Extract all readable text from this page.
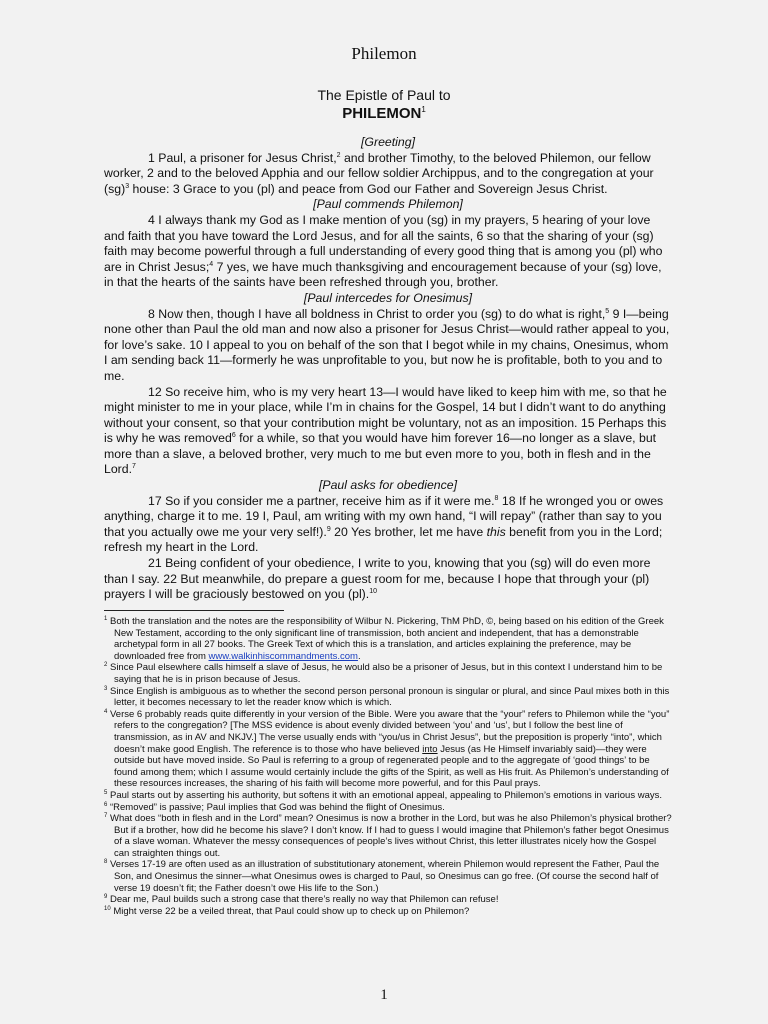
Philemon
The Epistle of Paul to
PHILEMON$^1$
[Greeting]

1 Paul, a prisoner for Jesus Christ,$^2$ and brother Timothy, to the beloved Philemon, our fellow worker, 2 and to the beloved Apphia and our fellow soldier Archippus, and to the congregation at your (sg)$^3$ house: 3 Grace to you (pl) and peace from God our Father and Sovereign Jesus Christ.

[Paul commends Philemon]

4 I always thank my God as I make mention of you (sg) in my prayers, 5 hearing of your love and faith that you have toward the Lord Jesus, and for all the saints, 6 so that the sharing of your (sg) faith may become powerful through a full understanding of every good thing that is among you (pl) who are in Christ Jesus;$^4$ 7 yes, we have much thanksgiving and encouragement because of your (sg) love, in that the hearts of the saints have been refreshed through you, brother.

[Paul intercedes for Onesimus]

8 Now then, though I have all boldness in Christ to order you (sg) to do what is right,$^5$ 9 I—being none other than Paul the old man and now also a prisoner for Jesus Christ—would rather appeal to you, for love’s sake. 10 I appeal to you on behalf of the son that I begot while in my chains, Onesimus, whom I am sending back 11—formerly he was unprofitable to you, but now he is profitable, both to you and to me.

12 So receive him, who is my very heart 13—I would have liked to keep him with me, so that he might minister to me in your place, while I’m in chains for the Gospel, 14 but I didn’t want to do anything without your consent, so that your contribution might be voluntary, not as an imposition. 15 Perhaps this is why he was removed$^6$ for a while, so that you would have him forever 16—no longer as a slave, but more than a slave, a beloved brother, very much to me but even more to you, both in flesh and in the Lord.$^7$

[Paul asks for obedience]

17 So if you consider me a partner, receive him as if it were me.$^8$ 18 If he wronged you or owes anything, charge it to me. 19 I, Paul, am writing with my own hand, “I will repay” (rather than say to you that you actually owe me your very self!).$^9$ 20 Yes brother, let me have this benefit from you in the Lord; refresh my heart in the Lord.

21 Being confident of your obedience, I write to you, knowing that you (sg) will do even more than I say. 22 But meanwhile, do prepare a guest room for me, because I hope that through your (pl) prayers I will be graciously bestowed on you (pl).$^{10}$

$^1$ Both the translation and the notes are the responsibility of Wilbur N. Pickering, ThM PhD, ©, being based on his edition of the Greek New Testament, according to the only significant line of transmission, both ancient and independent, that has a demonstrable archetypal form in all 27 books. The Greek Text of which this is a translation, and articles explaining the preference, may be downloaded free from www.walkinhiscommandments.com.

$^2$ Since Paul elsewhere calls himself a slave of Jesus, he would also be a prisoner of Jesus, but in this context I understand him to be saying that he is in prison because of Jesus.

$^3$ Since English is ambiguous as to whether the second person personal pronoun is singular or plural, and since Paul mixes both in this letter, it becomes necessary to let the reader know which is which.

$^4$ Verse 6 probably reads quite differently in your version of the Bible. Were you aware that the “your” refers to Philemon while the “you” refers to the congregation? [The MSS evidence is about evenly divided between ‘you’ and ‘us’, but I follow the best line of transmission, as in AV and NKJV.] The verse usually ends with “you/us in Christ Jesus”, but the preposition is properly “into”, which doesn’t make good English. The reference is to those who have believed into Jesus (as He Himself invariably said)—they were outside but have moved inside. So Paul is referring to a group of regenerated people and to the aggregate of ‘good things’ to be found among them; which I assume would certainly include the gifts of the Spirit, as well as His fruit. As Philemon’s understanding of these resources increases, the sharing of his faith will become more powerful, and for this Paul prays.

$^5$ Paul starts out by asserting his authority, but softens it with an emotional appeal, appealing to Philemon’s emotions in various ways.

$^6$ “Removed” is passive; Paul implies that God was behind the flight of Onesimus.

$^7$ What does “both in flesh and in the Lord” mean? Onesimus is now a brother in the Lord, but was he also Philemon’s physical brother? But if a brother, how did he become his slave? I don’t know. If I had to guess I would imagine that Philemon’s father begot Onesimus of a slave woman. Whatever the messy consequences of people’s lives without Christ, this letter illustrates nicely how the Gospel can straighten things out.

$^8$ Verses 17-19 are often used as an illustration of substitutionary atonement, wherein Philemon would represent the Father, Paul the Son, and Onesimus the sinner—what Onesimus owes is charged to Paul, so Onesimus can go free. (Of course the second half of verse 19 doesn’t fit; the Father doesn’t owe His life to the Son.)

$^9$ Dear me, Paul builds such a strong case that there’s really no way that Philemon can refuse!

$^{10}$ Might verse 22 be a veiled threat, that Paul could show up to check up on Philemon?

1
